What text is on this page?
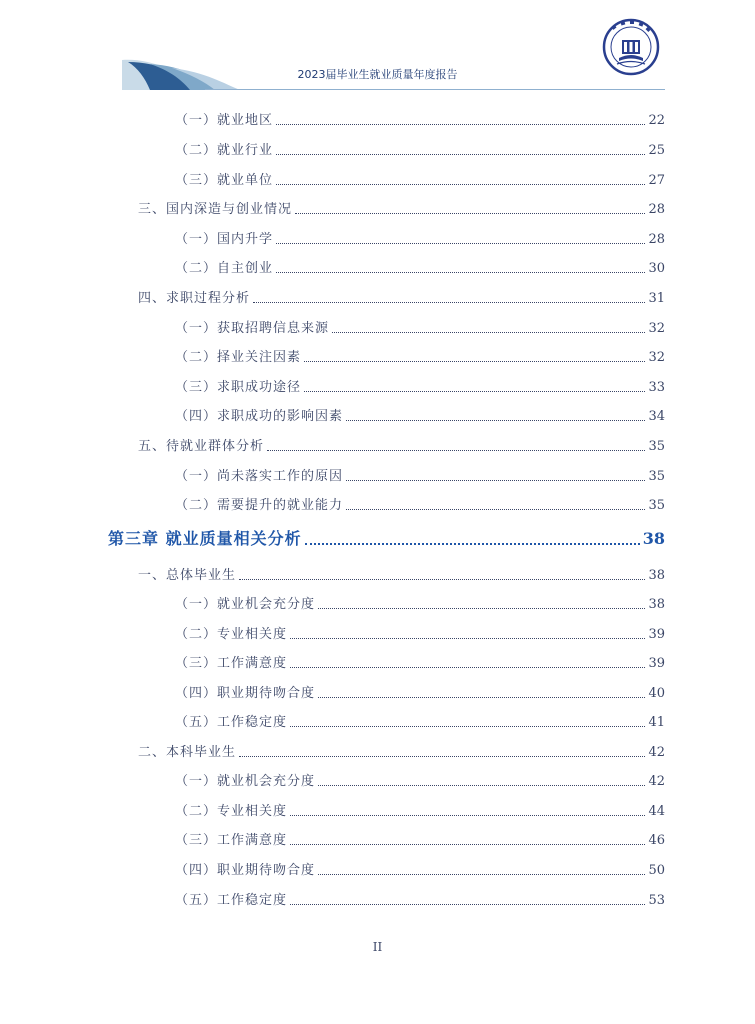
2023届毕业生就业质量年度报告
（一）就业地区	22
（二）就业行业	25
（三）就业单位	27
三、国内深造与创业情况	28
（一）国内升学	28
（二）自主创业	30
四、求职过程分析	31
（一）获取招聘信息来源	32
（二）择业关注因素	32
（三）求职成功途径	33
（四）求职成功的影响因素	34
五、待就业群体分析	35
（一）尚未落实工作的原因	35
（二）需要提升的就业能力	35
第三章 就业质量相关分析	38
一、总体毕业生	38
（一）就业机会充分度	38
（二）专业相关度	39
（三）工作满意度	39
（四）职业期待吻合度	40
（五）工作稳定度	41
二、本科毕业生	42
（一）就业机会充分度	42
（二）专业相关度	44
（三）工作满意度	46
（四）职业期待吻合度	50
（五）工作稳定度	53
II
